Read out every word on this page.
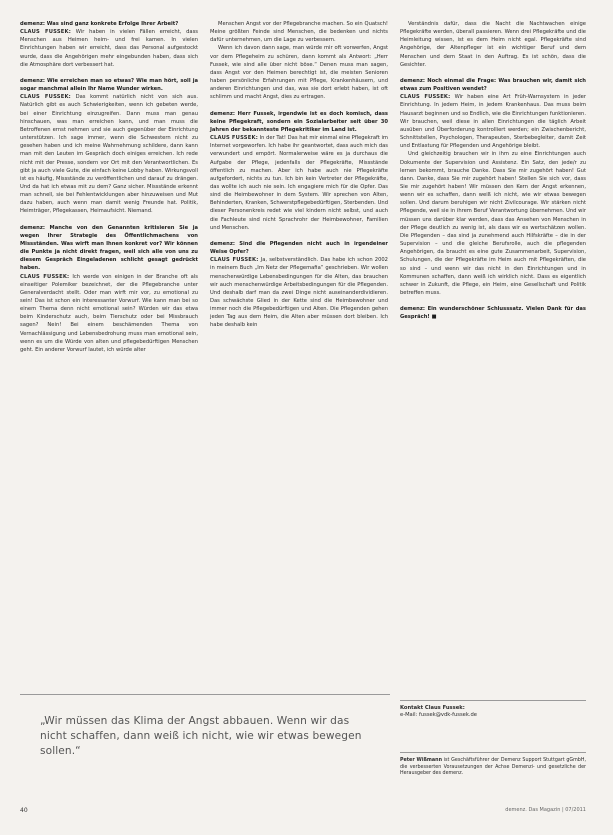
demenz: Was sind ganz konkrete Erfolge Ihrer Arbeit?

CLAUS FUSSEK: Wir haben in vielen Fällen erreicht, dass Menschen aus Heimen heim- und frei kamen. In vielen Einrichtungen haben wir erreicht, dass das Personal aufgestockt wurde, dass die Angehörigen mehr eingebunden haben, dass sich die Atmosphäre dort verbessert hat.

demenz: Wie erreichen man so etwas? Wie man hört, soll ja sogar manchmal allein Ihr Name Wunder wirken.

CLAUS FUSSEK: Das kommt natürlich nicht von sich aus. Natürlich gibt es auch Schwierigkeiten, wenn ich gebeten werde, bei einer Einrichtung einzugreifen. Dann muss man genau hinschauen, was man erreichen kann, und man muss die Betroffenen ernst nehmen und sie auch gegenüber der Einrichtung unterstützen. Ich sage immer, wenn die Schwestern nicht zu gesehen haben und ich meine Wahrnehmung schildere, dann kann man mit den Leuten im Gespräch doch einiges erreichen. Ich rede nicht mit der Presse, sondern vor Ort mit den Verantwortlichen. Es gibt ja auch viele Gute, die einfach keine Lobby haben. Wirkungsvoll ist es häufig, Missstände zu veröffentlichen und darauf zu drängen. Und da hat ich etwas mit zu dem? Ganz sicher. Missstände erkennt man schnell, sie bei Fehlentwicklungen aber hinzuweisen und Mut dazu haben, auch wenn man damit wenig Freunde hat. Politik, Heimträger, Pflegekassen, Heimaufsicht. Niemand.

demenz: Manche von den Genannten kritisieren Sie ja wegen Ihrer Strategie des Öffentlichmachens von Missständen. Was wirft man Ihnen konkret vor? Wir können die Punkte ja nicht direkt fragen, weil sich alle von uns zu diesem Gespräch Eingeladenen schlicht gesagt gedrückt haben.

CLAUS FUSSEK: Ich werde von einigen in der Branche oft als einseitiger Polemiker bezeichnet, der die Pflegebranche unter Generalverdacht stellt. Oder man wirft mir vor, zu emotional zu sein! Das ist schon ein interessanter Vorwurf. Wie kann man bei so einem Thema denn nicht emotional sein? Würden wir das etwa beim Kinderschutz auch, beim Tierschutz oder bei Missbrauch sagen? Nein! Bei einem beschämenden Thema von Vernachlässigung und Lebensbedrohung muss man emotional sein, wenn es um die Würde von alten und pflegebedürftigen Menschen geht. Ein anderer Vorwurf lautet, ich würde alter

Menschen Angst vor der Pflegebranche machen. So ein Quatsch! Meine größten Feinde sind Menschen, die bedenken und nichts dafür unternehmen, um die Lage zu verbessern.

Wenn ich davon dann sage, man würde mir oft vorwerfen, Angst vor dem Pflegeheim zu schüren, dann kommt als Antwort: „Herr Fussek, wie sind alle über nicht böse.“ Denen muss man sagen, dass Angst vor den Heimen berechtigt ist, die meisten Senioren haben persönliche Erfahrungen mit Pflege, Krankenhäusern, und anderen Einrichtungen und das, was sie dort erlebt haben, ist oft schlimm und macht Angst, dies zu ertragen.

demenz: Herr Fussek, irgendwie ist es doch komisch, dass keine Pflegekraft, sondern ein Sozialarbeiter seit über 30 Jahren der bekannteste Pflegekritiker im Land ist.

CLAUS FUSSEK: In der Tat! Das hat mir einmal eine Pflegekraft im Internet vorgeworfen. Ich habe ihr geantwortet, dass auch mich das verwundert und empört. Normalerweise wäre es ja durchaus die Aufgabe der Pflege, jedenfalls der Pflegekräfte, Missstände öffentlich zu machen. Aber ich habe auch nie Pflegekräfte aufgefordert, nichts zu tun. Ich bin kein Vertreter der Pflegekräfte, das wollte ich auch nie sein. Ich engagiere mich für die Opfer. Das sind die Heimbewohner in dem System. Wir sprechen von Alten, Behinderten, Kranken, Schwerstpflegebedürftigen, Sterbenden. Und dieser Personenkreis redet wie viel kindern nicht selbst, und auch die Fachleute sind nicht Sprachrohr der Heimbewohner, Familien und Menschen.

demenz: Sind die Pflegenden nicht auch in irgendeiner Weise Opfer?

CLAUS FUSSEK: Ja, selbstverständlich. Das habe ich schon 2002 in meinem Buch „Im Netz der Pflegemafia“ geschrieben. Wir wollen menschenwürdige Lebensbedingungen für die Alten, das brauchen wir auch menschenwürdige Arbeitsbedingungen für die Pflegenden. Und deshalb darf man da zwei Dinge nicht auseinanderdividieren. Das schwächste Glied in der Kette sind die Heimbewohner und immer noch die Pflegebedürftigen und Alten. Die Pflegenden gehen jeden Tag aus dem Heim, die Alten aber müssen dort bleiben. Ich habe deshalb kein

Verständnis dafür, dass die Nacht die Nachtwachen einige Pflegekräfte werden, überall passieren. Wenn drei Pflegekräfte und die Heimleitung wissen, ist es dem Heim nicht egal. Pflegekräfte sind Angehörige, der Altenpfleger ist ein wichtiger Beruf und dem Menschen und dem Staat in den Auftrag. Es ist schön, dass die Gesichter.

demenz: Noch einmal die Frage: Was brauchen wir, damit sich etwas zum Positiven wendet?

CLAUS FUSSEK: Wir haben eine Art Früh-Warnsystem in jeder Einrichtung. In jedem Heim, in jedem Krankenhaus. Das muss beim Hausarzt beginnen und so Endlich, wie die Einrichtungen funktionieren. Wir brauchen, weil diese in allen Einrichtungen die täglich Arbeit ausüben und Überforderung kontrolliert werden; ein Zwischenbericht, Schnittstellen, Psychologen, Therapeuten, Sterbebegleiter, damit Zeit und Entlastung für Pflegenden und Angehörige bleibt.

Und gleichzeitig brauchen wir in ihm zu eine Einrichtungen auch Dokumente der Supervision und Assistenz. Ein Satz, den jede/r zu lernen bekommt, brauche Danke. Dass Sie mir zugehört haben! Gut dann. Danke, dass Sie mir zugehört haben! Stellen Sie sich vor, dass Sie mir zugehört haben! Wir müssen den Kern der Angst erkennen, wenn wir es schaffen, dann weiß ich nicht, wie wir etwas bewegen sollen. Und darum beruhigen wir nicht Zivilcourage. Wir stärken nicht Pflegende, weil sie in ihrem Beruf Verantwortung übernehmen. Und wir müssen uns darüber klar werden, dass das Ansehen von Menschen in der Pflege deutlich zu wenig ist, als dass wir es wertschätzen wollen. Die Pflegenden – das sind ja zunehmend auch Hilfskräfte – die in der Supervision – und die gleiche Berufsrolle, auch die pflegenden Angehörigen, da braucht es eine gute Zusammenarbeit, Supervision, Schulungen, die der Pflegekräfte im Heim auch mit Pflegekräften, die so sind – und wenn wir das nicht in den Einrichtungen und in Kommunen schaffen, dann weiß ich wirklich nicht. Dass es eigentlich schwer in Zukunft, die Pflege, ein Heim, eine Gesellschaft und Politik betreffen muss.

demenz: Ein wunderschöner Schlusssatz. Vielen Dank für das Gespräch! ■

„Wir müssen das Klima der Angst abbauen. Wenn wir das nicht schaffen, dann weiß ich nicht, wie wir etwas bewegen sollen.“
Kontakt Claus Fussek:
e-Mail: fussek@vdk-fussek.de
Peter Wißmann ist Geschäftsführer der Demenz Support Stuttgart gGmbH, die verbesserten Vorausetzungen der Achse Demenzi- und gesetzliche der Herausgeber des demenz.
40	demenz. Das Magazin | 07/2011
